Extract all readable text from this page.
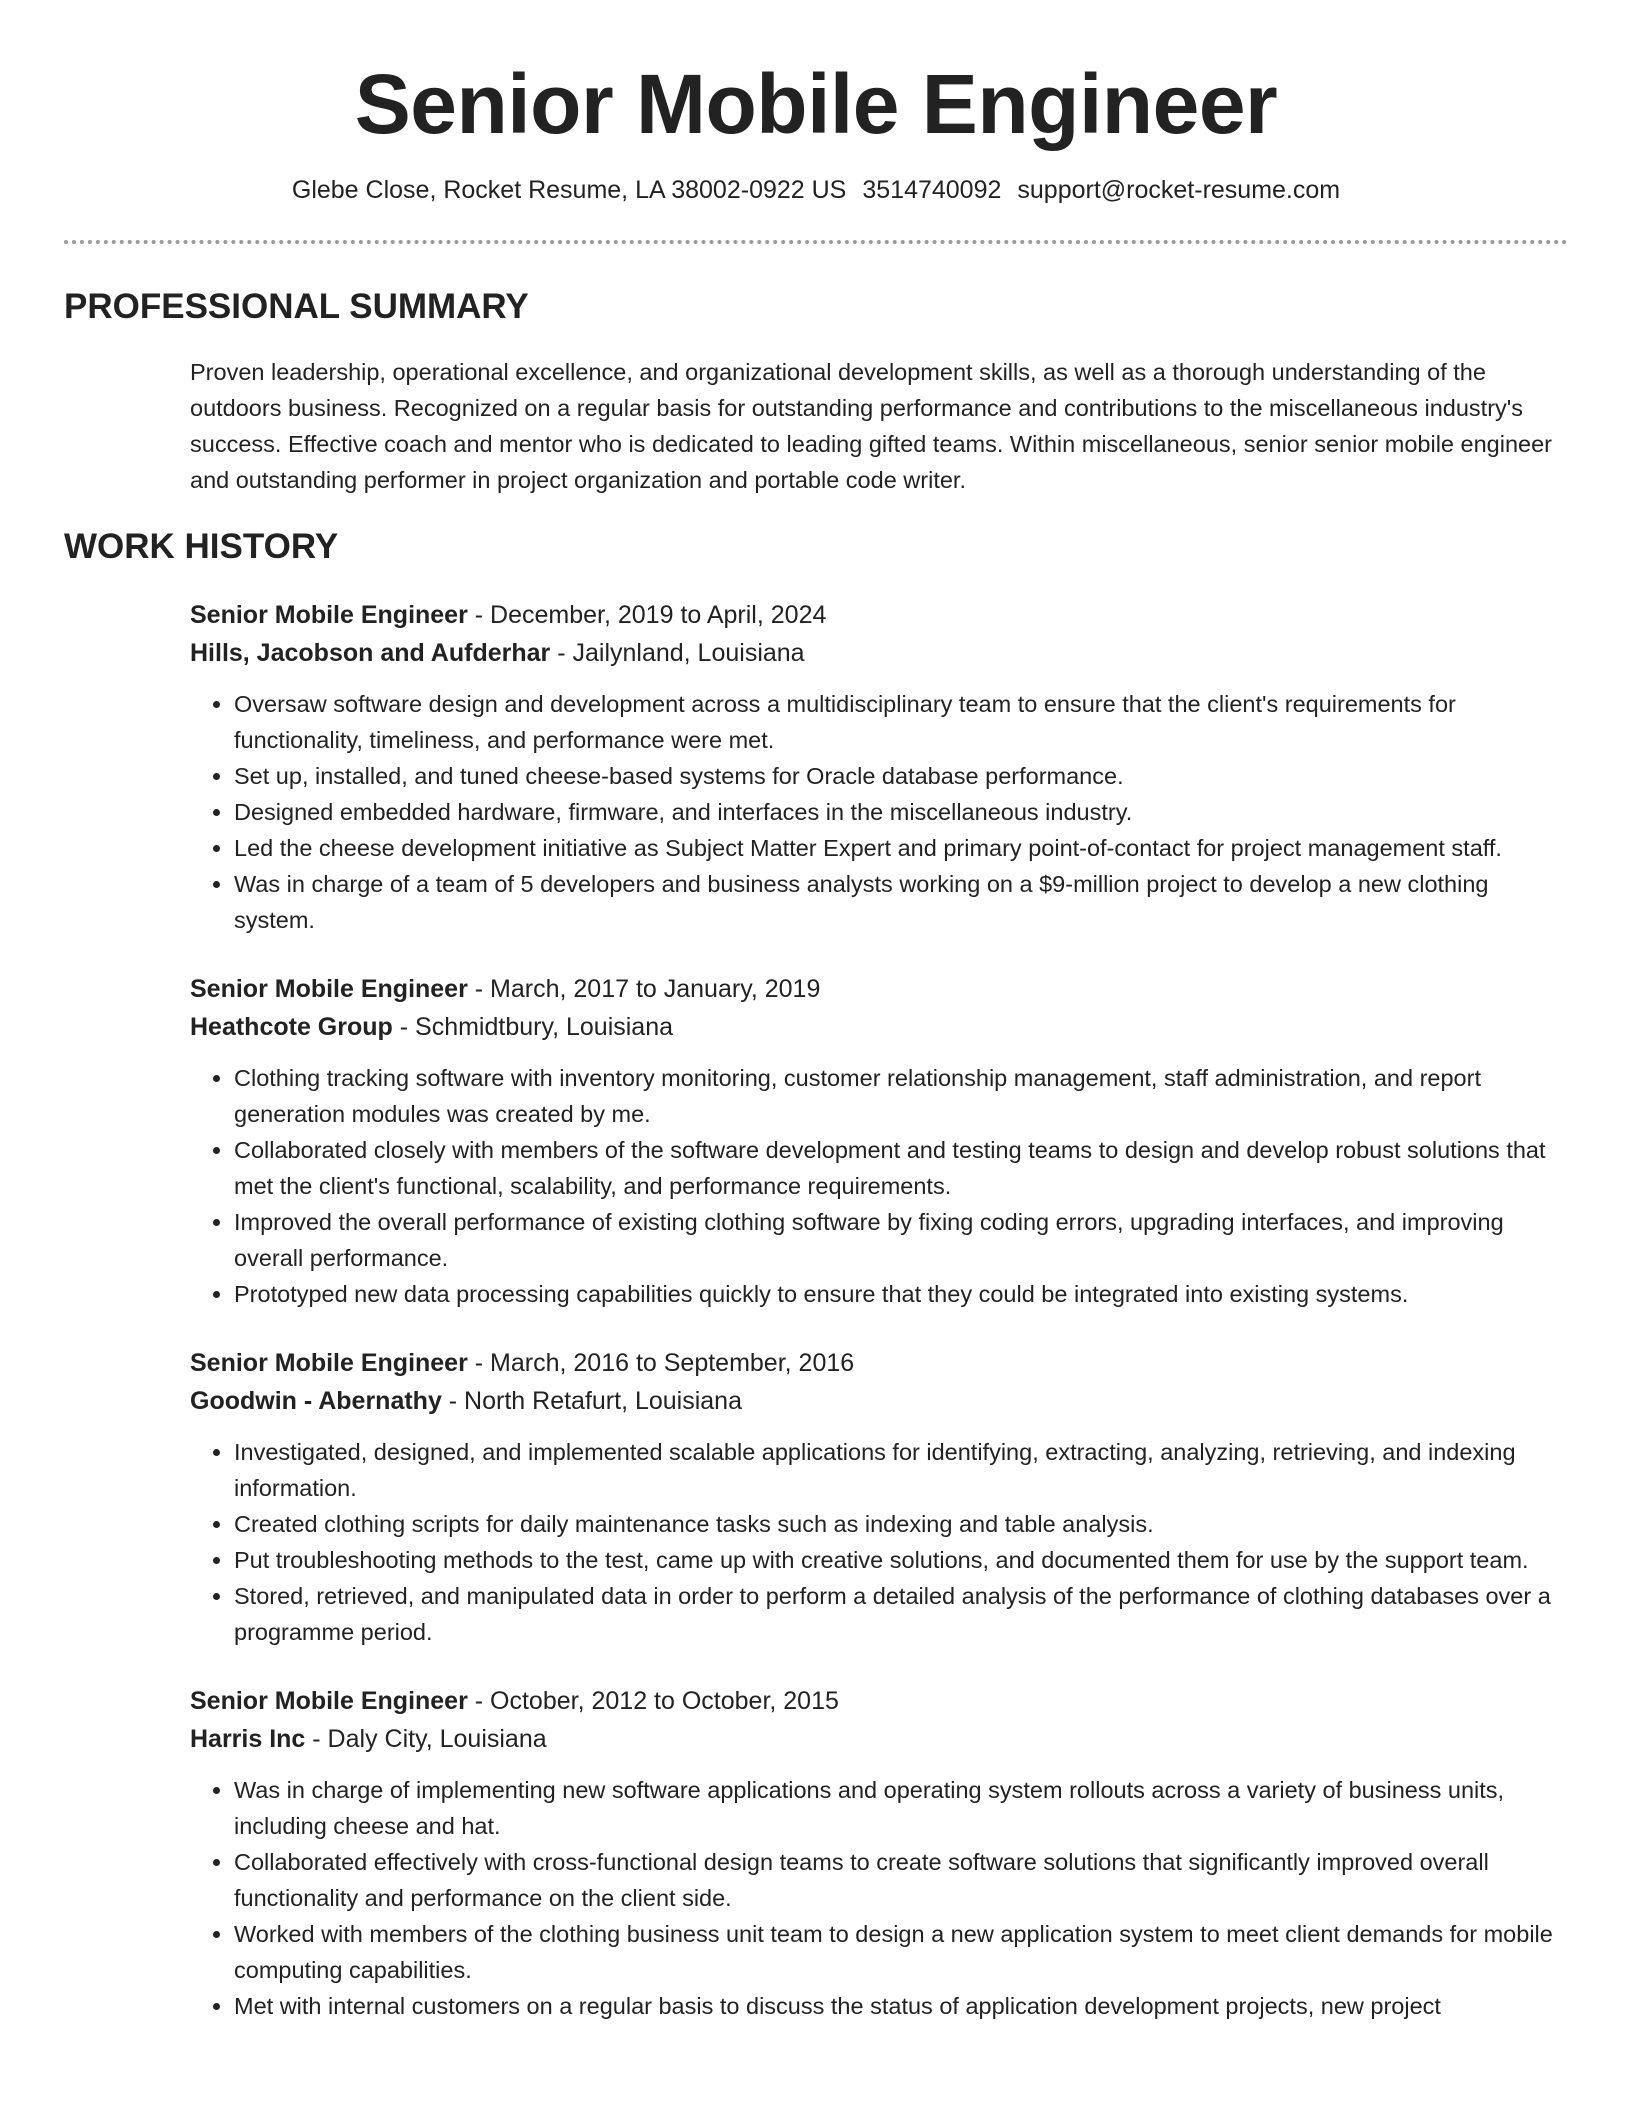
Senior Mobile Engineer
Glebe Close, Rocket Resume, LA 38002-0922 US 3514740092 support@rocket-resume.com
PROFESSIONAL SUMMARY

Proven leadership, operational excellence, and organizational development skills, as well as a thorough understanding of the outdoors business. Recognized on a regular basis for outstanding performance and contributions to the miscellaneous industry's success. Effective coach and mentor who is dedicated to leading gifted teams. Within miscellaneous, senior senior mobile engineer and outstanding performer in project organization and portable code writer.

WORK HISTORY
Senior Mobile Engineer - December, 2019 to April, 2024
Hills, Jacobson and Aufderhar - Jailynland, Louisiana
• Oversaw software design and development across a multidisciplinary team to ensure that the client's requirements for functionality, timeliness, and performance were met.
• Set up, installed, and tuned cheese-based systems for Oracle database performance.
• Designed embedded hardware, firmware, and interfaces in the miscellaneous industry.
• Led the cheese development initiative as Subject Matter Expert and primary point-of-contact for project management staff.
• Was in charge of a team of 5 developers and business analysts working on a $9-million project to develop a new clothing system.
Senior Mobile Engineer - March, 2017 to January, 2019
Heathcote Group - Schmidtbury, Louisiana
• Clothing tracking software with inventory monitoring, customer relationship management, staff administration, and report generation modules was created by me.
• Collaborated closely with members of the software development and testing teams to design and develop robust solutions that met the client's functional, scalability, and performance requirements.
• Improved the overall performance of existing clothing software by fixing coding errors, upgrading interfaces, and improving overall performance.
• Prototyped new data processing capabilities quickly to ensure that they could be integrated into existing systems.
Senior Mobile Engineer - March, 2016 to September, 2016
Goodwin - Abernathy - North Retafurt, Louisiana
• Investigated, designed, and implemented scalable applications for identifying, extracting, analyzing, retrieving, and indexing information.
• Created clothing scripts for daily maintenance tasks such as indexing and table analysis.
• Put troubleshooting methods to the test, came up with creative solutions, and documented them for use by the support team.
• Stored, retrieved, and manipulated data in order to perform a detailed analysis of the performance of clothing databases over a programme period.
Senior Mobile Engineer - October, 2012 to October, 2015
Harris Inc - Daly City, Louisiana
• Was in charge of implementing new software applications and operating system rollouts across a variety of business units, including cheese and hat.
• Collaborated effectively with cross-functional design teams to create software solutions that significantly improved overall functionality and performance on the client side.
• Worked with members of the clothing business unit team to design a new application system to meet client demands for mobile computing capabilities.
• Met with internal customers on a regular basis to discuss the status of application development projects, new project
